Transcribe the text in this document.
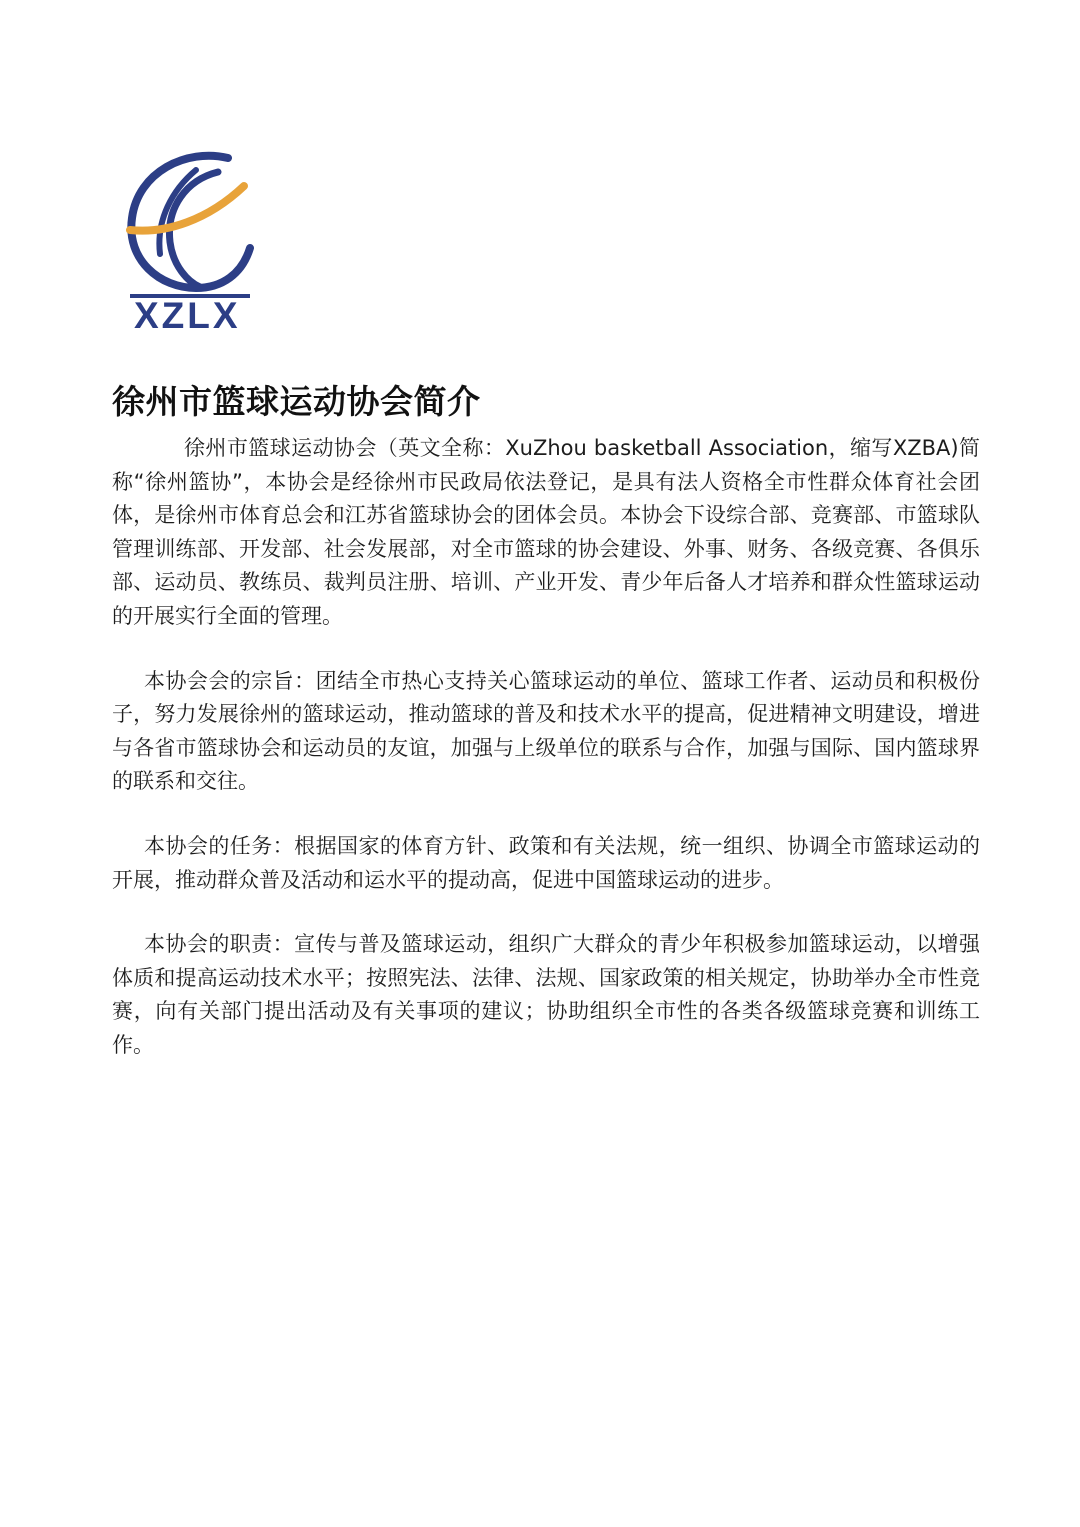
XZLX
徐州市篮球运动协会简介

徐州市篮球运动协会（英文全称：XuZhou basketball Association，缩写XZBA)简称“徐州篮协”，本协会是经徐州市民政局依法登记，是具有法人资格全市性群众体育社会团体，是徐州市体育总会和江苏省篮球协会的团体会员。本协会下设综合部、竞赛部、市篮球队管理训练部、开发部、社会发展部，对全市篮球的协会建设、外事、财务、各级竞赛、各俱乐部、运动员、教练员、裁判员注册、培训、产业开发、青少年后备人才培养和群众性篮球运动的开展实行全面的管理。

本协会会的宗旨：团结全市热心支持关心篮球运动的单位、篮球工作者、运动员和积极份子，努力发展徐州的篮球运动，推动篮球的普及和技术水平的提高，促进精神文明建设，增进与各省市篮球协会和运动员的友谊，加强与上级单位的联系与合作，加强与国际、国内篮球界的联系和交往。

本协会的任务：根据国家的体育方针、政策和有关法规，统一组织、协调全市篮球运动的开展，推动群众普及活动和运水平的提动高，促进中国篮球运动的进步。

本协会的职责：宣传与普及篮球运动，组织广大群众的青少年积极参加篮球运动，以增强体质和提高运动技术水平；按照宪法、法律、法规、国家政策的相关规定，协助举办全市性竞赛，向有关部门提出活动及有关事项的建议；协助组织全市性的各类各级篮球竞赛和训练工作。
